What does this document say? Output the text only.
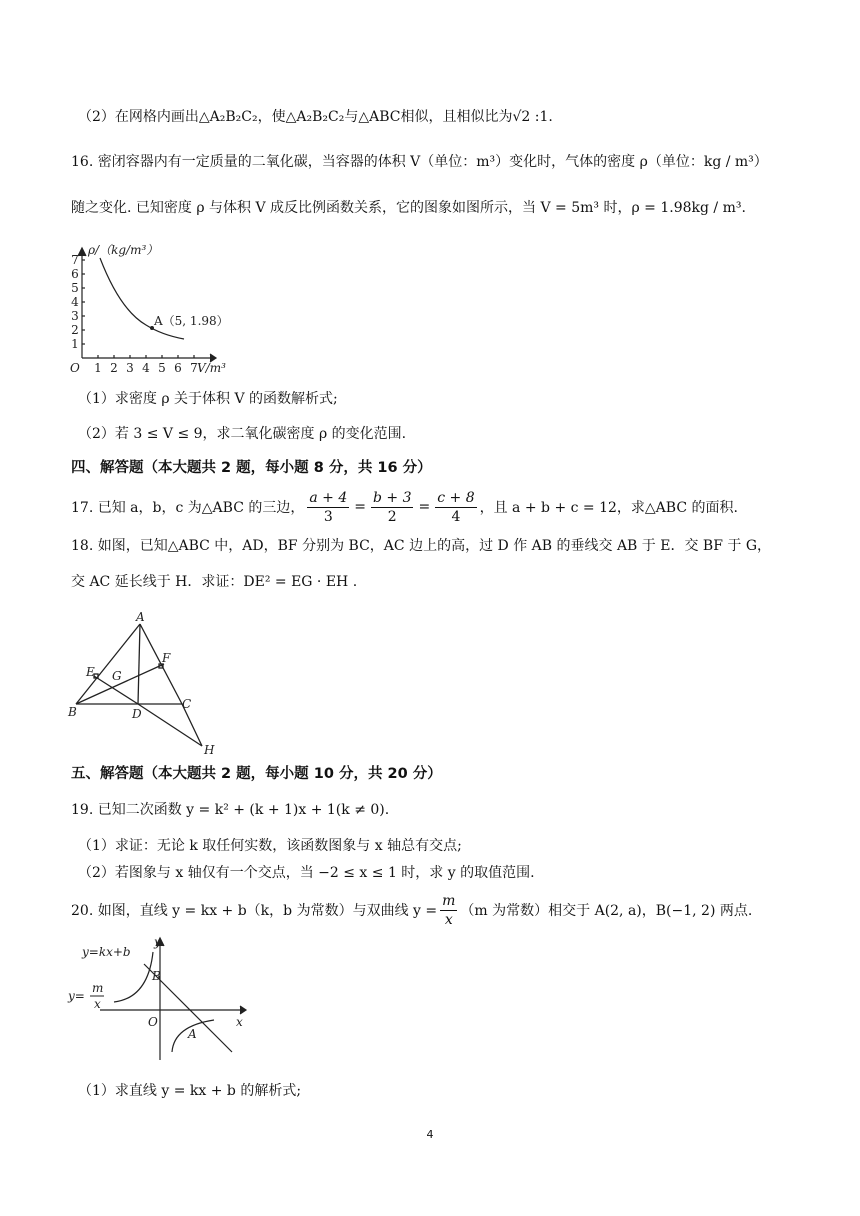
（2）在网格内画出△A₂B₂C₂，使△A₂B₂C₂与△ABC相似，且相似比为√2 :1.
16. 密闭容器内有一定质量的二氧化碳，当容器的体积 V（单位：m³）变化时，气体的密度 ρ（单位：kg / m³）
随之变化. 已知密度 ρ 与体积 V 成反比例函数关系，它的图象如图所示，当 V = 5m³ 时，ρ = 1.98kg / m³.
ρ/（kg/m³）
V/m³
O
A（5, 1.98）
1 2 3 4 5 6 7
1
2
3
4
5
6
7
（1）求密度 ρ 关于体积 V 的函数解析式;
（2）若 3 ≤ V ≤ 9，求二氧化碳密度 ρ 的变化范围.
四、解答题（本大题共 2 题，每小题 8 分，共 16 分）
17. 已知 a，b，c 为△ABC 的三边， $\frac{a + 4}{3} = \frac{b + 3}{2} = \frac{c + 8}{4}$ ，且 a + b + c = 12，求△ABC 的面积.
18. 如图，已知△ABC 中，AD，BF 分别为 BC，AC 边上的高，过 D 作 AB 的垂线交 AB 于 E．交 BF 于 G，
交 AC 延长线于 H．求证：DE² = EG · EH .
A
B
C
D
E
F
G
H
五、解答题（本大题共 2 题，每小题 10 分，共 20 分）
19. 已知二次函数 y = k² + (k + 1)x + 1(k ≠ 0).
（1）求证：无论 k 取任何实数，该函数图象与 x 轴总有交点;
（2）若图象与 x 轴仅有一个交点，当 −2 ≤ x ≤ 1 时，求 y 的取值范围.
20. 如图，直线 y = kx + b（k，b 为常数）与双曲线 $y = \frac{m}{x} (m$ 为常数）相交于 A(2, a)，B(−1, 2) 两点.
y=kx+b
y=
m
x
x
y
O
A
B
（1）求直线 y = kx + b 的解析式;
4
